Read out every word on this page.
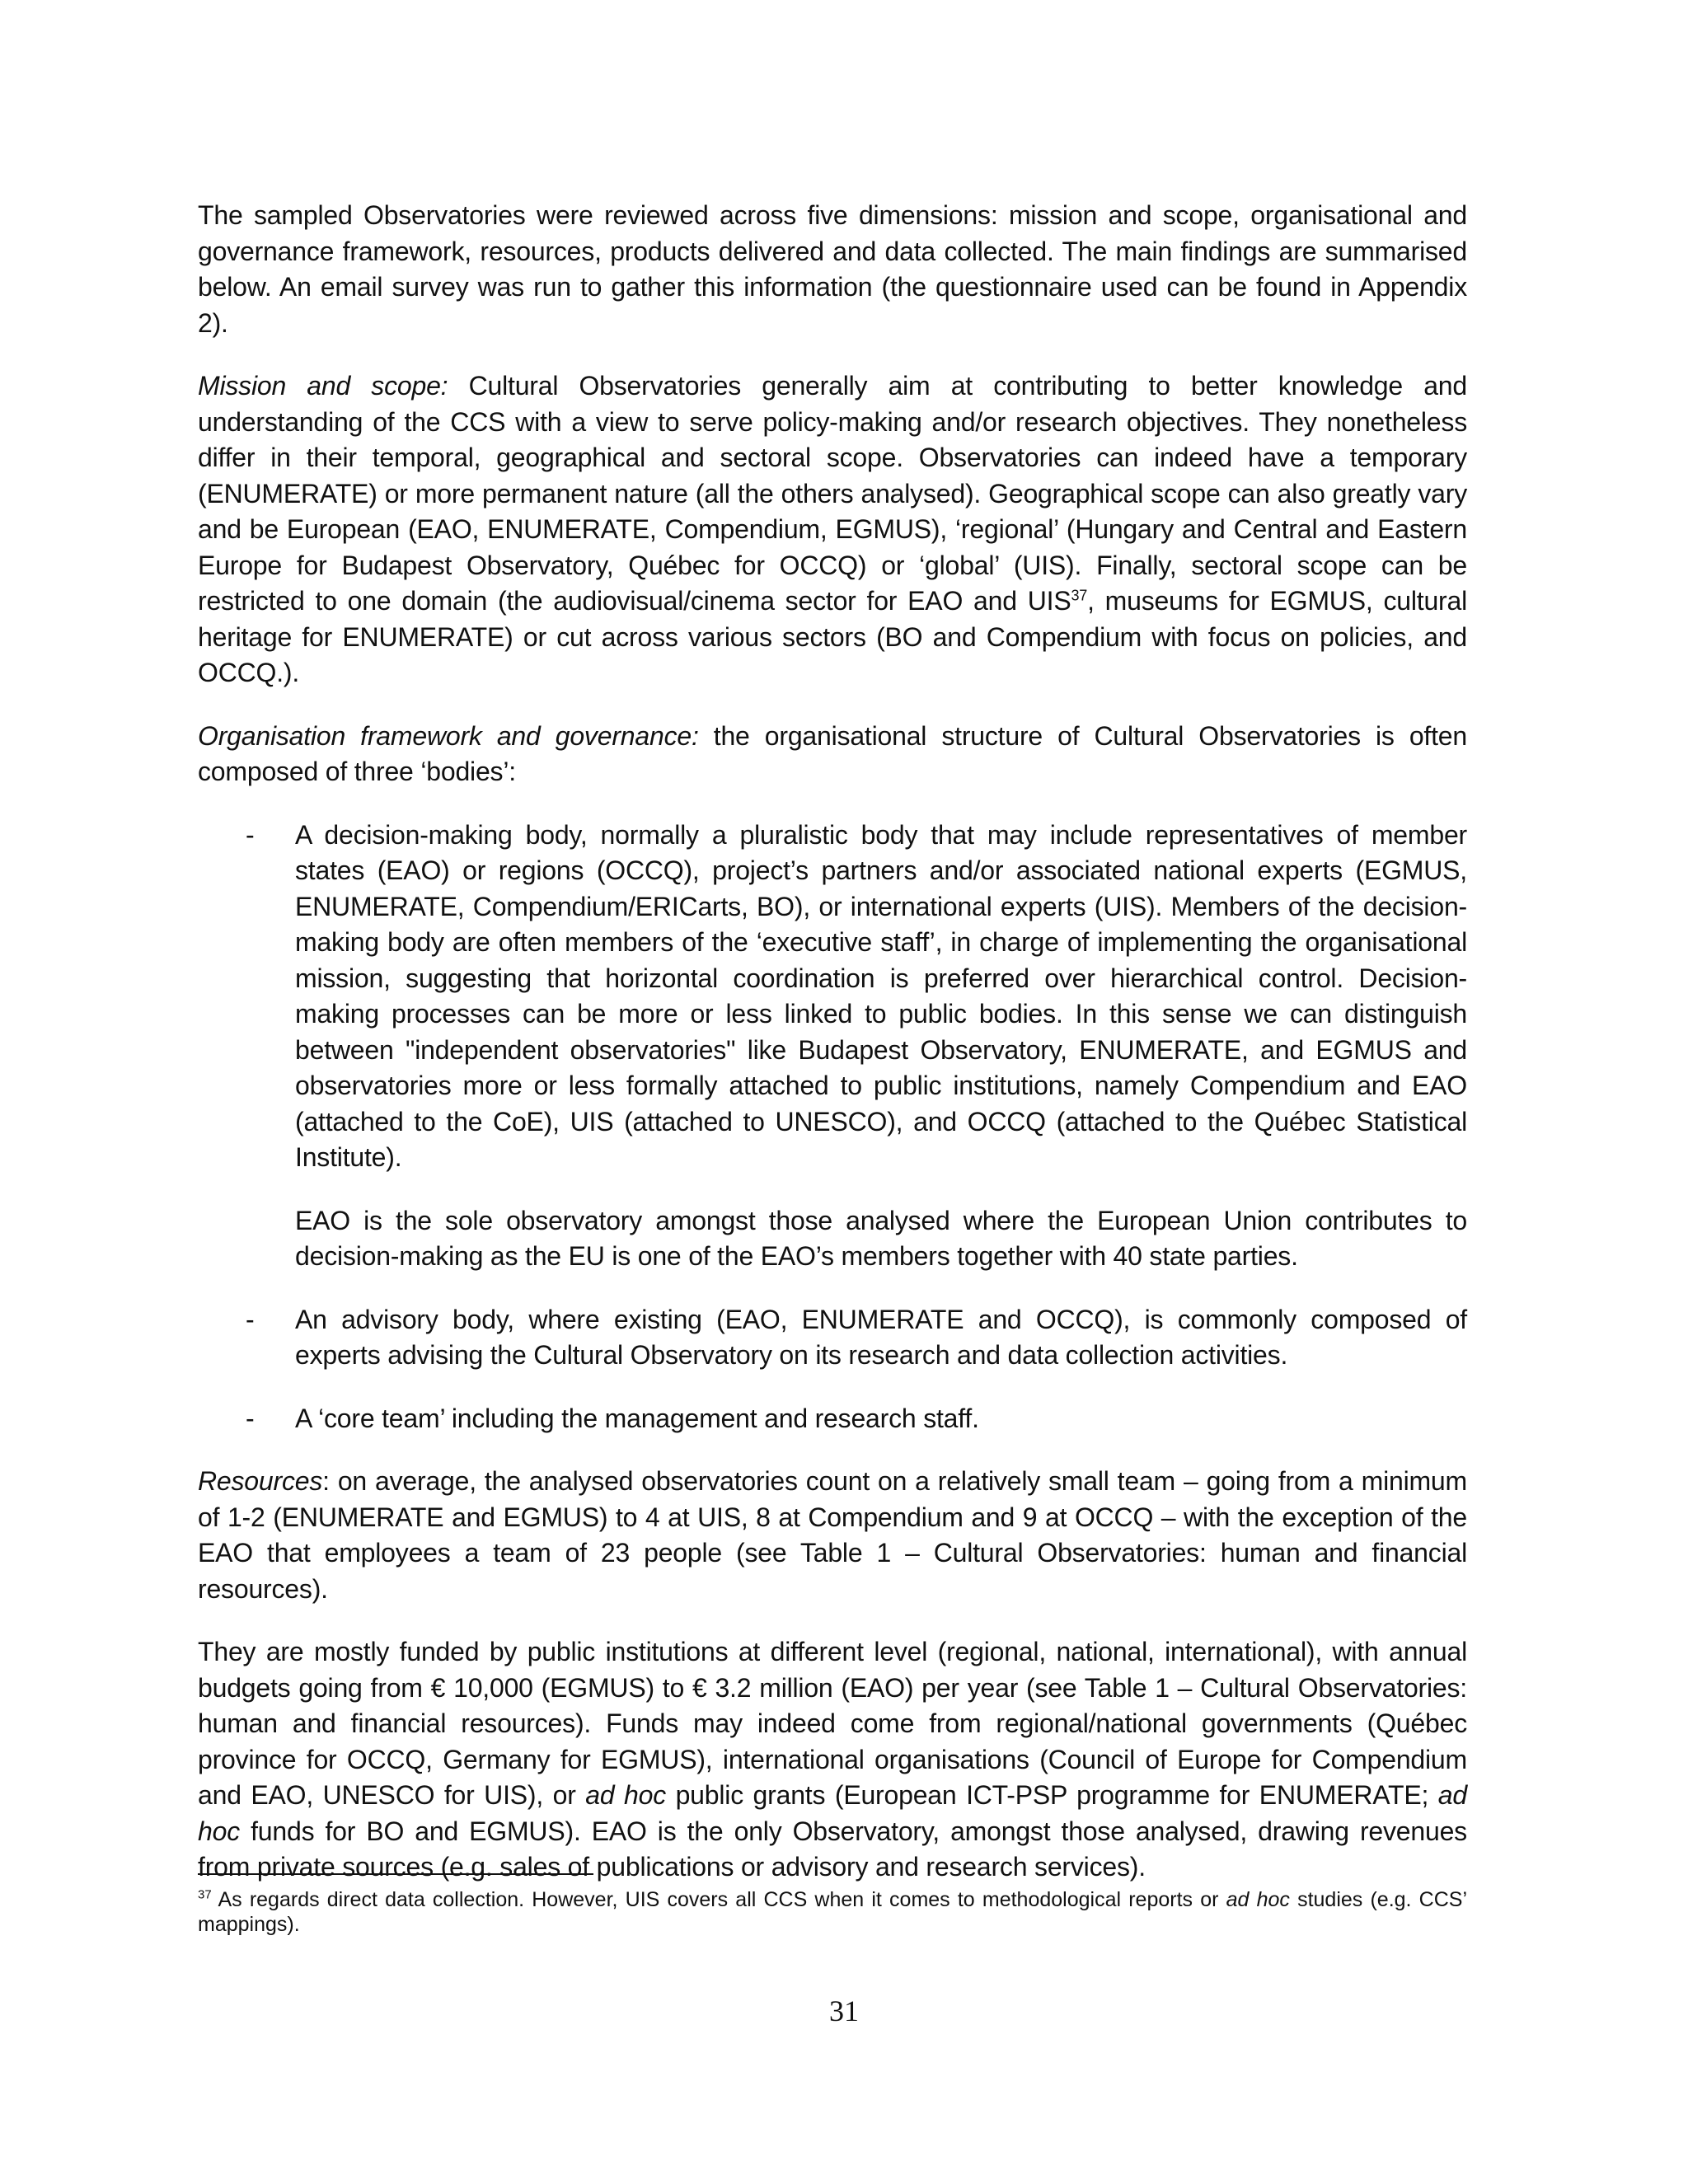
The sampled Observatories were reviewed across five dimensions: mission and scope, organisational and governance framework, resources, products delivered and data collected. The main findings are summarised below. An email survey was run to gather this information (the questionnaire used can be found in Appendix 2).

Mission and scope: Cultural Observatories generally aim at contributing to better knowledge and understanding of the CCS with a view to serve policy-making and/or research objectives. They nonetheless differ in their temporal, geographical and sectoral scope. Observatories can indeed have a temporary (ENUMERATE) or more permanent nature (all the others analysed). Geographical scope can also greatly vary and be European (EAO, ENUMERATE, Compendium, EGMUS), ‘regional’ (Hungary and Central and Eastern Europe for Budapest Observatory, Québec for OCCQ) or ‘global’ (UIS). Finally, sectoral scope can be restricted to one domain (the audiovisual/cinema sector for EAO and UIS$^{37}$, museums for EGMUS, cultural heritage for ENUMERATE) or cut across various sectors (BO and Compendium with focus on policies, and OCCQ.).

Organisation framework and governance: the organisational structure of Cultural Observatories is often composed of three ‘bodies’:

- A decision-making body, normally a pluralistic body that may include representatives of member states (EAO) or regions (OCCQ), project’s partners and/or associated national experts (EGMUS, ENUMERATE, Compendium/ERICarts, BO), or international experts (UIS). Members of the decision-making body are often members of the ‘executive staff’, in charge of implementing the organisational mission, suggesting that horizontal coordination is preferred over hierarchical control. Decision-making processes can be more or less linked to public bodies. In this sense we can distinguish between "independent observatories" like Budapest Observatory, ENUMERATE, and EGMUS and observatories more or less formally attached to public institutions, namely Compendium and EAO (attached to the CoE), UIS (attached to UNESCO), and OCCQ (attached to the Québec Statistical Institute).

EAO is the sole observatory amongst those analysed where the European Union contributes to decision-making as the EU is one of the EAO’s members together with 40 state parties.

- An advisory body, where existing (EAO, ENUMERATE and OCCQ), is commonly composed of experts advising the Cultural Observatory on its research and data collection activities.

- A ‘core team’ including the management and research staff.

Resources: on average, the analysed observatories count on a relatively small team – going from a minimum of 1-2 (ENUMERATE and EGMUS) to 4 at UIS, 8 at Compendium and 9 at OCCQ – with the exception of the EAO that employees a team of 23 people (see Table 1 – Cultural Observatories: human and financial resources).

They are mostly funded by public institutions at different level (regional, national, international), with annual budgets going from € 10,000 (EGMUS) to € 3.2 million (EAO) per year (see Table 1 – Cultural Observatories: human and financial resources). Funds may indeed come from regional/national governments (Québec province for OCCQ, Germany for EGMUS), international organisations (Council of Europe for Compendium and EAO, UNESCO for UIS), or ad hoc public grants (European ICT-PSP programme for ENUMERATE; ad hoc funds for BO and EGMUS). EAO is the only Observatory, amongst those analysed, drawing revenues from private sources (e.g. sales of publications or advisory and research services).

$^{37}$ As regards direct data collection. However, UIS covers all CCS when it comes to methodological reports or ad hoc studies (e.g. CCS’ mappings).
31
